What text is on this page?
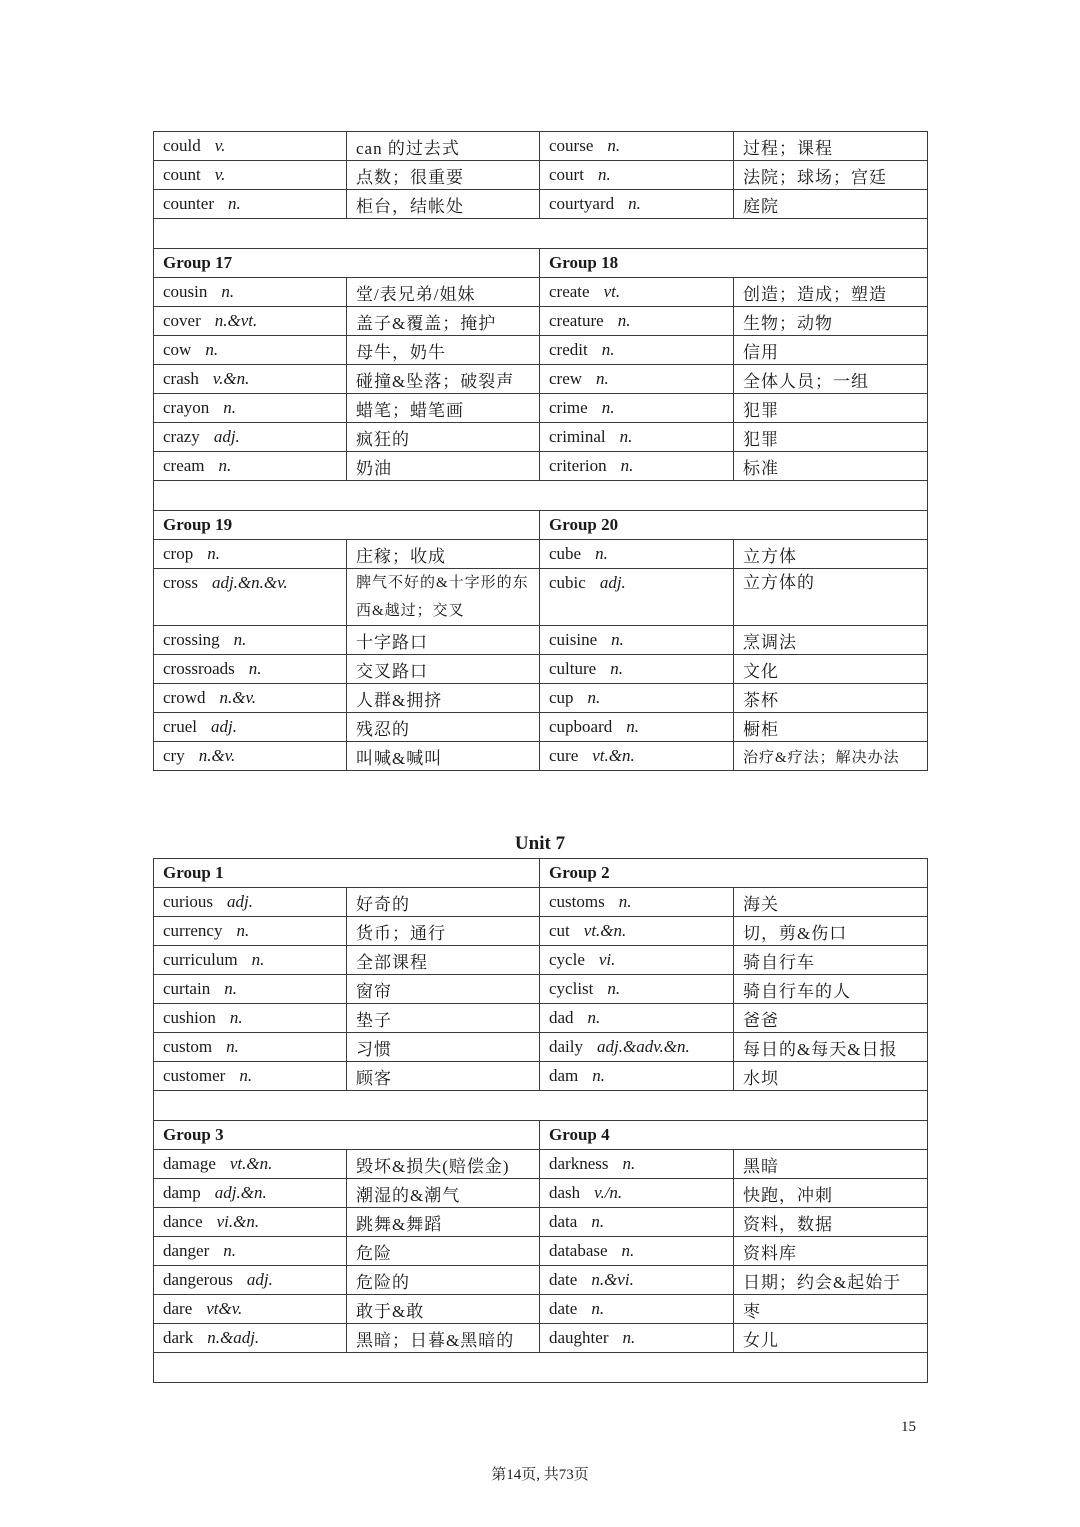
could v.	can 的过去式	course n.	过程；课程
count v.	点数；很重要	court n.	法院；球场；宫廷
counter n.	柜台，结帐处	courtyard n.	庭院

Group 17		Group 18	
cousin n.	堂/表兄弟/姐妹	create vt.	创造；造成；塑造
cover n.&vt.	盖子&覆盖；掩护	creature n.	生物；动物
cow n.	母牛，奶牛	credit n.	信用
crash v.&n.	碰撞&坠落；破裂声	crew n.	全体人员；一组
crayon n.	蜡笔；蜡笔画	crime n.	犯罪
crazy adj.	疯狂的	criminal n.	犯罪
cream n.	奶油	criterion n.	标准

Group 19		Group 20	
crop n.	庄稼；收成	cube n.	立方体
cross adj.&n.&v.	脾气不好的&十字形的东西&越过；交叉	cubic adj.	立方体的
crossing n.	十字路口	cuisine n.	烹调法
crossroads n.	交叉路口	culture n.	文化
crowd n.&v.	人群&拥挤	cup n.	茶杯
cruel adj.	残忍的	cupboard n.	橱柜
cry n.&v.	叫喊&喊叫	cure vt.&n.	治疗&疗法；解决办法
Unit 7
Group 1		Group 2	
curious adj.	好奇的	customs n.	海关
currency n.	货币；通行	cut vt.&n.	切，剪&伤口
curriculum n.	全部课程	cycle vi.	骑自行车
curtain n.	窗帘	cyclist n.	骑自行车的人
cushion n.	垫子	dad n.	爸爸
custom n.	习惯	daily adj.&adv.&n.	每日的&每天&日报
customer n.	顾客	dam n.	水坝

Group 3		Group 4	
damage vt.&n.	毁坏&损失(赔偿金)	darkness n.	黑暗
damp adj.&n.	潮湿的&潮气	dash v./n.	快跑，冲刺
dance vi.&n.	跳舞&舞蹈	data n.	资料，数据
danger n.	危险	database n.	资料库
dangerous adj.	危险的	date n.&vi.	日期；约会&起始于
dare vt&v.	敢于&敢	date n.	枣
dark n.&adj.	黑暗；日暮&黑暗的	daughter n.	女儿

15
第14页, 共73页
